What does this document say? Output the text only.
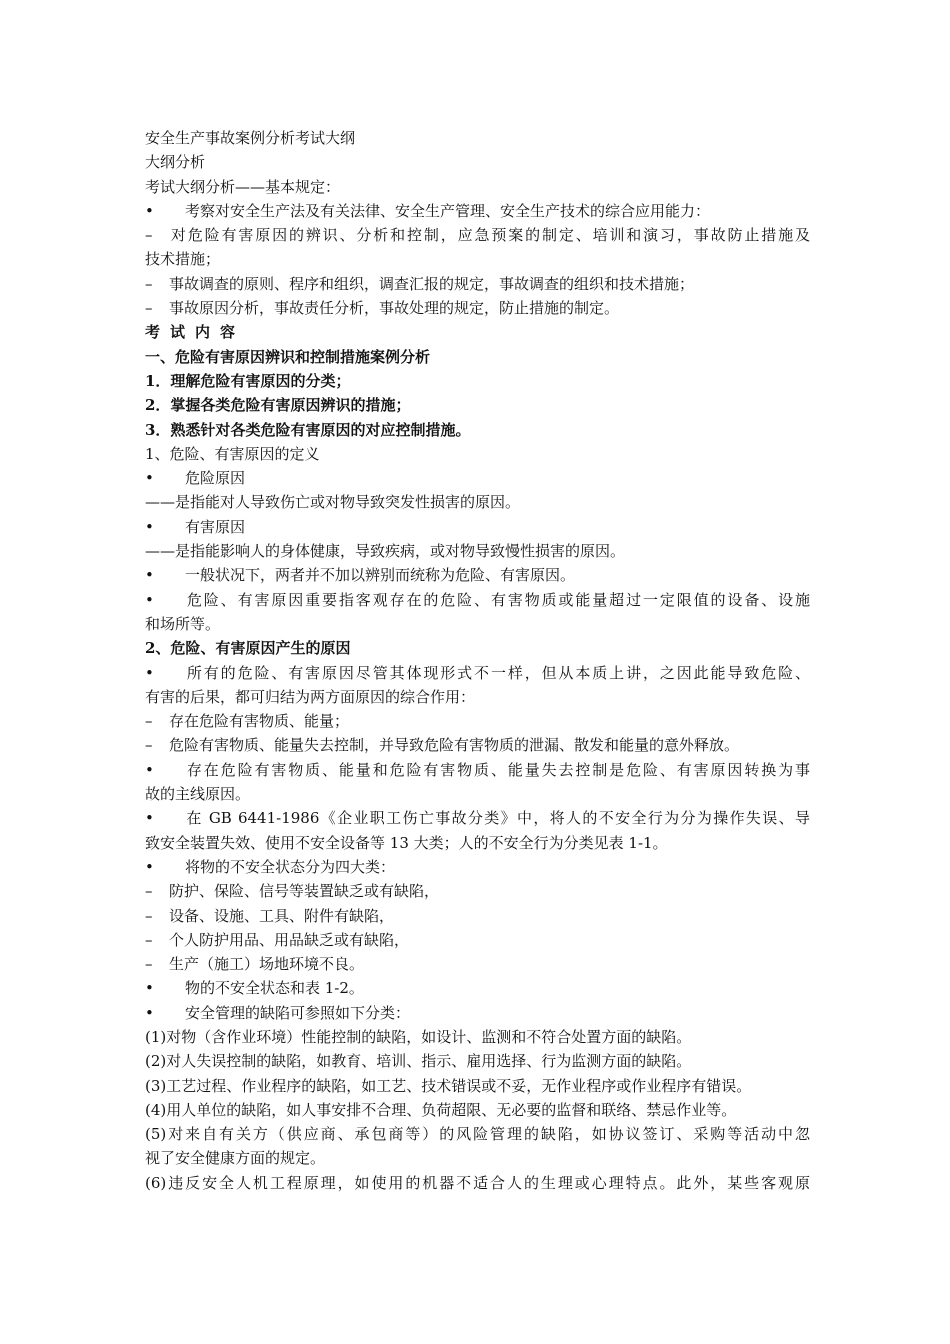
安全生产事故案例分析考试大纲
大纲分析
考试大纲分析——基本规定：
• 考察对安全生产法及有关法律、安全生产管理、安全生产技术的综合应用能力：
– 对危险有害原因的辨识、分析和控制，应急预案的制定、培训和演习，事故防止措施及
技术措施；
– 事故调查的原则、程序和组织，调查汇报的规定，事故调查的组织和技术措施；
– 事故原因分析，事故责任分析，事故处理的规定，防止措施的制定。
考试内容
一、危险有害原因辨识和控制措施案例分析
1．理解危险有害原因的分类；
2．掌握各类危险有害原因辨识的措施；
3．熟悉针对各类危险有害原因的对应控制措施。
1、危险、有害原因的定义
• 危险原因
——是指能对人导致伤亡或对物导致突发性损害的原因。
• 有害原因
——是指能影响人的身体健康，导致疾病，或对物导致慢性损害的原因。
• 一般状况下，两者并不加以辨别而统称为危险、有害原因。
• 危险、有害原因重要指客观存在的危险、有害物质或能量超过一定限值的设备、设施
和场所等。
2、危险、有害原因产生的原因
• 所有的危险、有害原因尽管其体现形式不一样，但从本质上讲，之因此能导致危险、
有害的后果，都可归结为两方面原因的综合作用：
– 存在危险有害物质、能量；
– 危险有害物质、能量失去控制，并导致危险有害物质的泄漏、散发和能量的意外释放。
• 存在危险有害物质、能量和危险有害物质、能量失去控制是危险、有害原因转换为事
故的主线原因。
• 在 GB 6441-1986《企业职工伤亡事故分类》中，将人的不安全行为分为操作失误、导
致安全装置失效、使用不安全设备等 13 大类；人的不安全行为分类见表 1-1。
• 将物的不安全状态分为四大类：
– 防护、保险、信号等装置缺乏或有缺陷，
– 设备、设施、工具、附件有缺陷，
– 个人防护用品、用品缺乏或有缺陷，
– 生产（施工）场地环境不良。
• 物的不安全状态和表 1-2。
• 安全管理的缺陷可参照如下分类：
(1)对物（含作业环境）性能控制的缺陷，如设计、监测和不符合处置方面的缺陷。
(2)对人失误控制的缺陷，如教育、培训、指示、雇用选择、行为监测方面的缺陷。
(3)工艺过程、作业程序的缺陷，如工艺、技术错误或不妥，无作业程序或作业程序有错误。
(4)用人单位的缺陷，如人事安排不合理、负荷超限、无必要的监督和联络、禁忌作业等。
(5)对来自有关方（供应商、承包商等）的风险管理的缺陷，如协议签订、采购等活动中忽
视了安全健康方面的规定。
(6)违反安全人机工程原理，如使用的机器不适合人的生理或心理特点。此外，某些客观原
